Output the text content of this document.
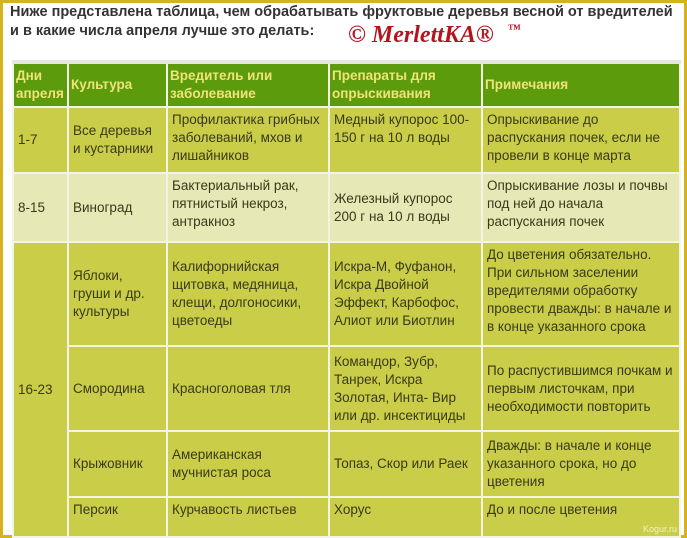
Ниже представлена таблица, чем обрабатывать фруктовые деревья весной от вредителей и в какие числа апреля лучше это делать:	© MerlettKA® ™
Дни апреля	Культура	Вредитель или заболевание	Препараты для опрыскивания	Примечания
1-7	Все деревья и кустарники	Профилактика грибных заболеваний, мхов и лишайников	Медный купорос 100-150 г на 10 л воды	Опрыскивание до распускания почек, если не провели в конце марта
8-15	Виноград	Бактериальный рак, пятнистый некроз, антракноз	Железный купорос 200 г на 10 л воды	Опрыскивание лозы и почвы под ней до начала распускания почек
16-23	Яблоки, груши и др. культуры	Калифорнийская щитовка, медяница, клещи, долгоносики, цветоеды	Искра-М, Фуфанон, Искра Двойной Эффект, Карбофос, Алиот или Биотлин	До цветения обязательно. При сильном заселении вредителями обработку провести дважды: в начале и в конце указанного срока
	Смородина	Красноголовая тля	Командор, Зубр, Танрек, Искра Золотая, Инта- Вир или др. инсектициды	По распустившимся почкам и первым листочкам, при необходимости повторить
	Крыжовник	Американская мучнистая роса	Топаз, Скор или Раек	Дважды: в начале и конце указанного срока, но до цветения
	Персик	Курчавость листьев	Хорус	До и после цветения
Kogur.ru
